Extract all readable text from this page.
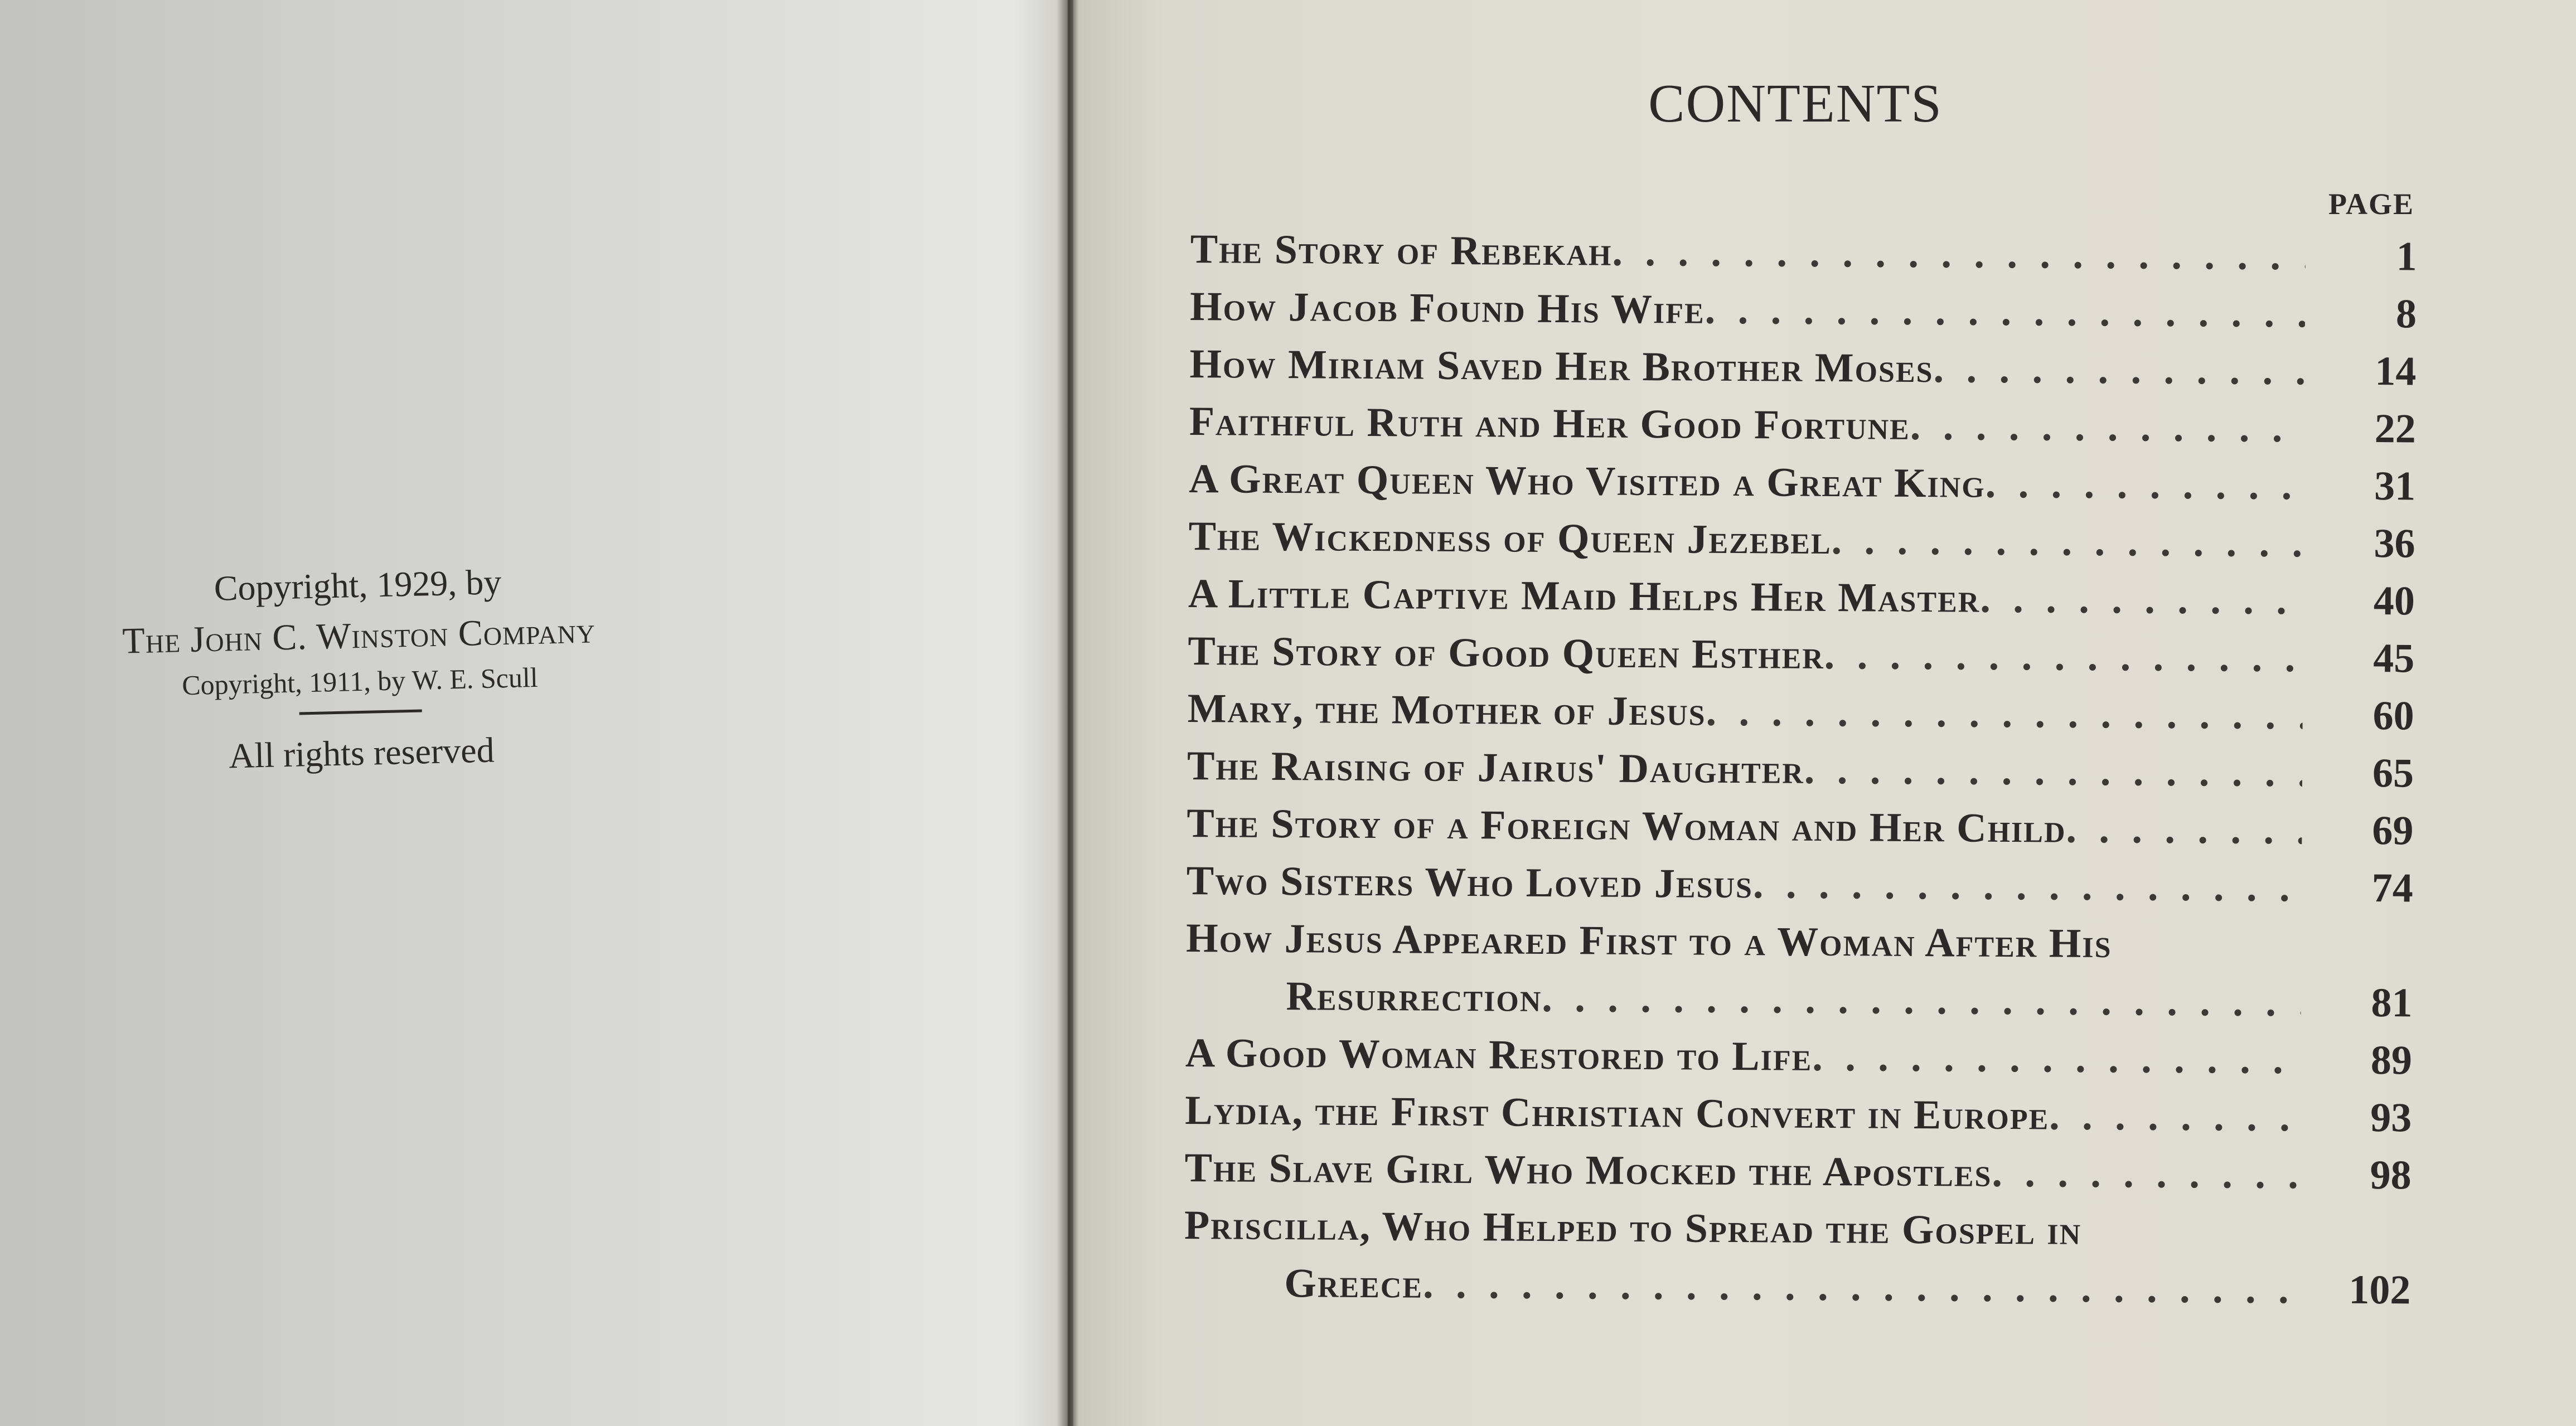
Copyright, 1929, by
The John C. Winston Company
Copyright, 1911, by W. E. Scull
All rights reserved
CONTENTS
PAGE
The Story of Rebekah . . .	1
How Jacob Found His Wife . . .	8
How Miriam Saved Her Brother Moses . . .	14
Faithful Ruth and Her Good Fortune . . .	22
A Great Queen Who Visited a Great King . . .	31
The Wickedness of Queen Jezebel . . .	36
A Little Captive Maid Helps Her Master . . .	40
The Story of Good Queen Esther . . .	45
Mary, the Mother of Jesus . . .	60
The Raising of Jairus' Daughter . . .	65
The Story of a Foreign Woman and Her Child . . .	69
Two Sisters Who Loved Jesus . . .	74
How Jesus Appeared First to a Woman After His
Resurrection . . .	81
A Good Woman Restored to Life . . .	89
Lydia, the First Christian Convert in Europe . . .	93
The Slave Girl Who Mocked the Apostles . . .	98
Priscilla, Who Helped to Spread the Gospel in
Greece . . .	102
